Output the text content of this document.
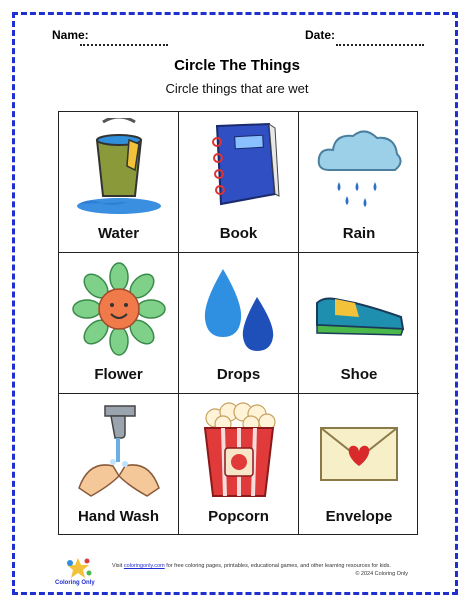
Name:	Date:
Circle The Things
Circle things that are wet
Water	Book	Rain
Flower	Drops	Shoe
Hand Wash	Popcorn	Envelope
Coloring Only
Visit coloringonly.com for free coloring pages, printables, educational games, and other learning resources for kids.
© 2024 Coloring Only
